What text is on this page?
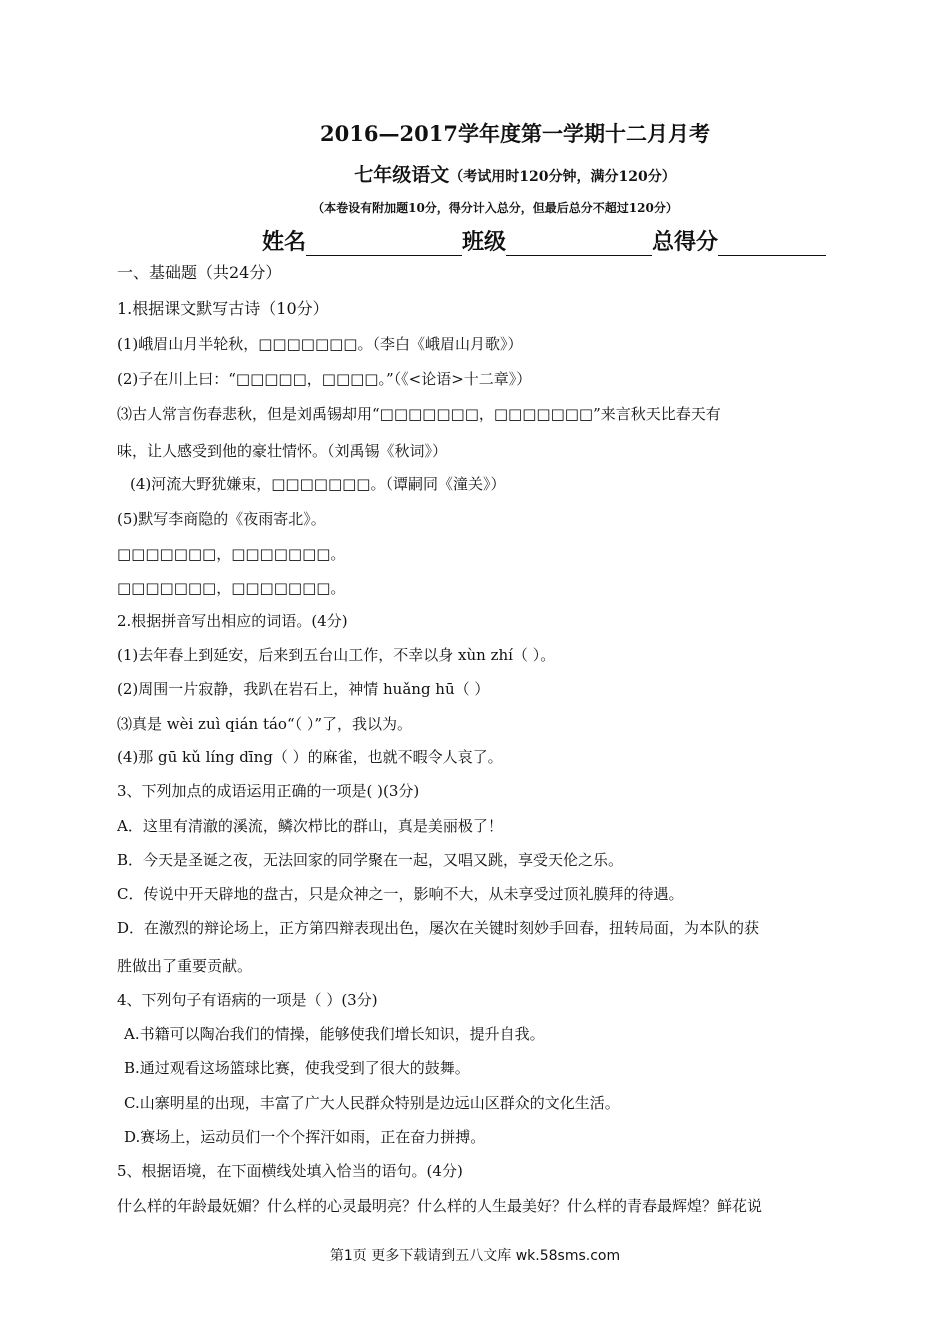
2016—2017学年度第一学期十二月月考
七年级语文（考试用时120分钟，满分120分）
（本卷设有附加题10分，得分计入总分，但最后总分不超过120分）
姓名	班级	总得分
一、基础题（共24分）
1.根据课文默写古诗（10分）
(1)峨眉山月半轮秋，□□□□□□□。（李白《峨眉山月歌》）
(2)子在川上曰：“□□□□□，□□□□。”（《<论语>十二章》）
⑶古人常言伤春悲秋，但是刘禹锡却用“□□□□□□□，□□□□□□□”来言秋天比春天有
味，让人感受到他的豪壮情怀。（刘禹锡《秋词》）
(4)河流大野犹嫌束，□□□□□□□。（谭嗣同《潼关》）
(5)默写李商隐的《夜雨寄北》。
□□□□□□□，□□□□□□□。
□□□□□□□，□□□□□□□。
2.根据拼音写出相应的词语。(4分)
(1)去年春上到延安，后来到五台山工作，不幸以身 xùn zhí（ ）。
(2)周围一片寂静，我趴在岩石上，神情 huǎng hū（ ）
⑶真是 wèi zuì qián táo“（ ）”了，我以为。
(4)那 gū kǔ líng dīng（ ）的麻雀，也就不暇令人哀了。
3、下列加点的成语运用正确的一项是( )(3分)
A．这里有清澈的溪流，鳞次栉比的群山，真是美丽极了！
B．今天是圣诞之夜，无法回家的同学聚在一起，又唱又跳，享受天伦之乐。
C．传说中开天辟地的盘古，只是众神之一，影响不大，从未享受过顶礼膜拜的待遇。
D．在激烈的辩论场上，正方第四辩表现出色，屡次在关键时刻妙手回春，扭转局面，为本队的获
胜做出了重要贡献。
4、下列句子有语病的一项是（ ）(3分)
A.书籍可以陶冶我们的情操，能够使我们增长知识，提升自我。
B.通过观看这场篮球比赛，使我受到了很大的鼓舞。
C.山寨明星的出现，丰富了广大人民群众特别是边远山区群众的文化生活。
D.赛场上，运动员们一个个挥汗如雨，正在奋力拼搏。
5、根据语境，在下面横线处填入恰当的语句。(4分)
什么样的年龄最妩媚？什么样的心灵最明亮？什么样的人生最美好？什么样的青春最辉煌？鲜花说
第1页 更多下载请到五八文库 wk.58sms.com
